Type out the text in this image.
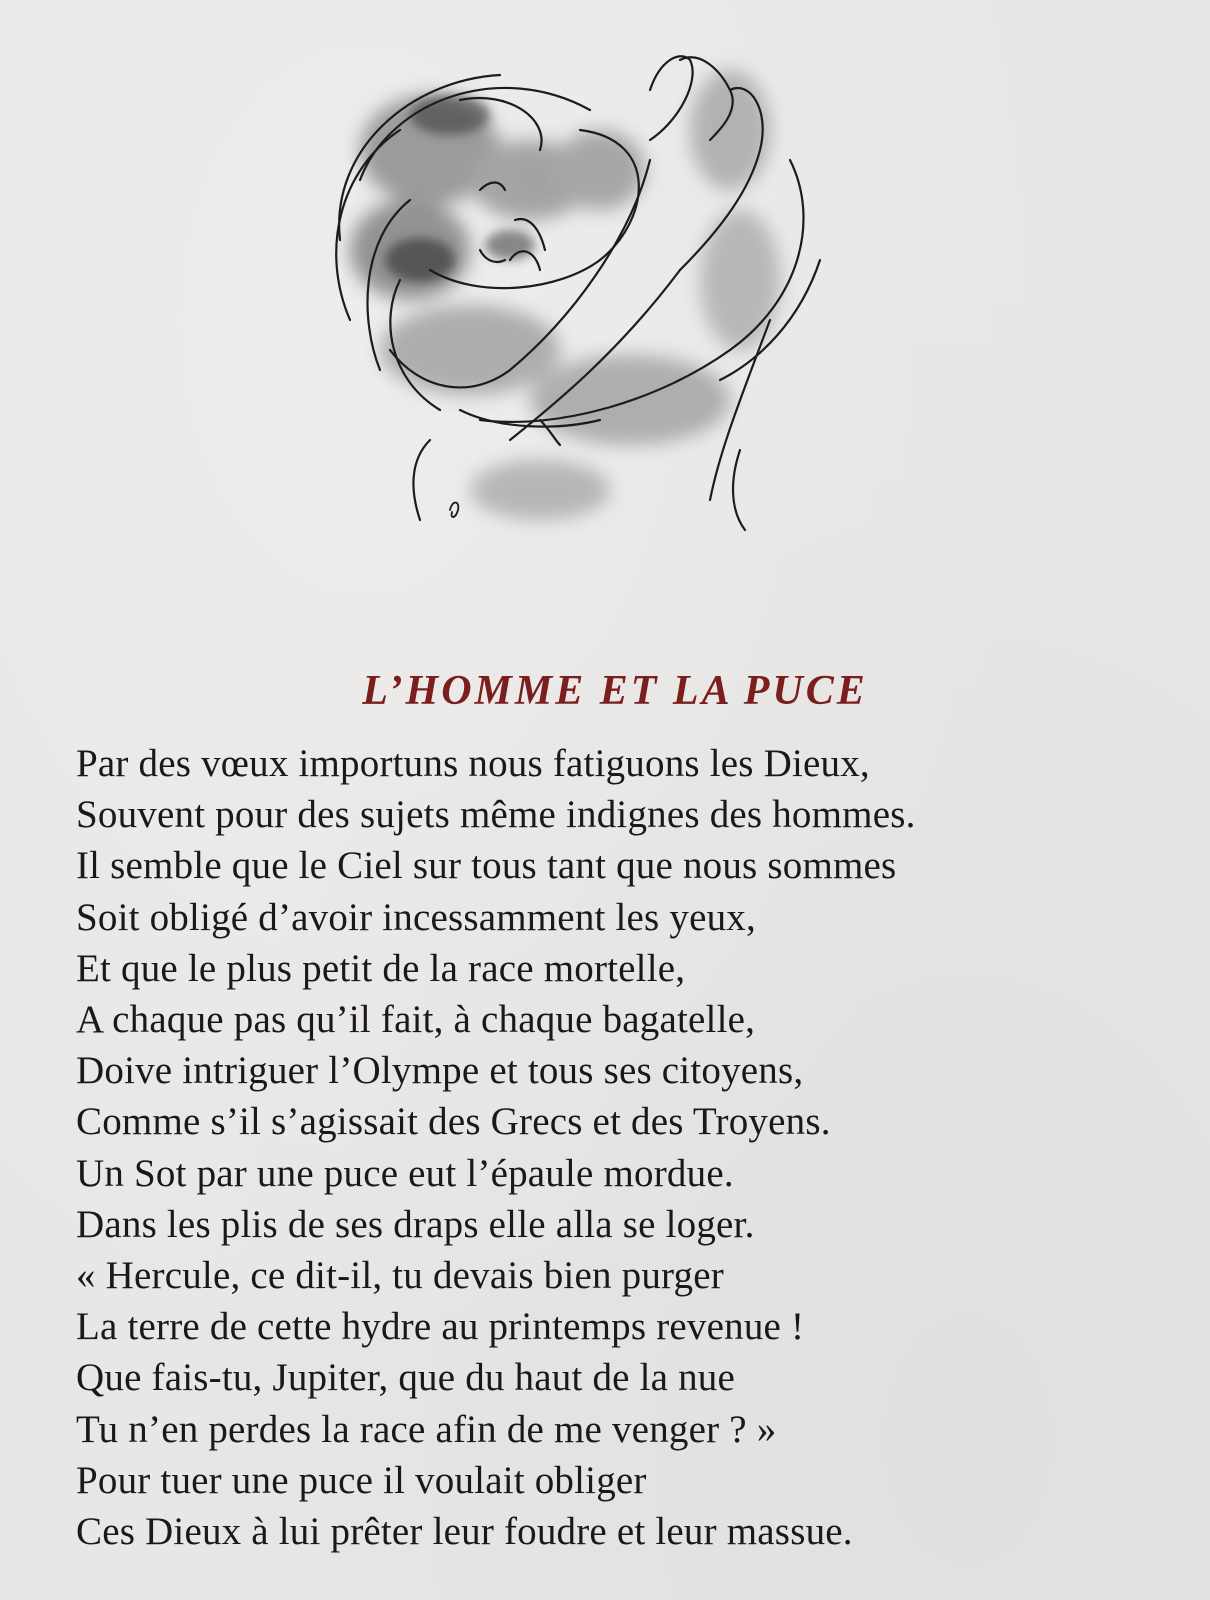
L’HOMME ET LA PUCE
Par des vœux importuns nous fatiguons les Dieux,
Souvent pour des sujets même indignes des hommes.
Il semble que le Ciel sur tous tant que nous sommes
Soit obligé d’avoir incessamment les yeux,
Et que le plus petit de la race mortelle,
A chaque pas qu’il fait, à chaque bagatelle,
Doive intriguer l’Olympe et tous ses citoyens,
Comme s’il s’agissait des Grecs et des Troyens.
Un Sot par une puce eut l’épaule mordue.
Dans les plis de ses draps elle alla se loger.
« Hercule, ce dit-il, tu devais bien purger
La terre de cette hydre au printemps revenue !
Que fais-tu, Jupiter, que du haut de la nue
Tu n’en perdes la race afin de me venger ? »
Pour tuer une puce il voulait obliger
Ces Dieux à lui prêter leur foudre et leur massue.
